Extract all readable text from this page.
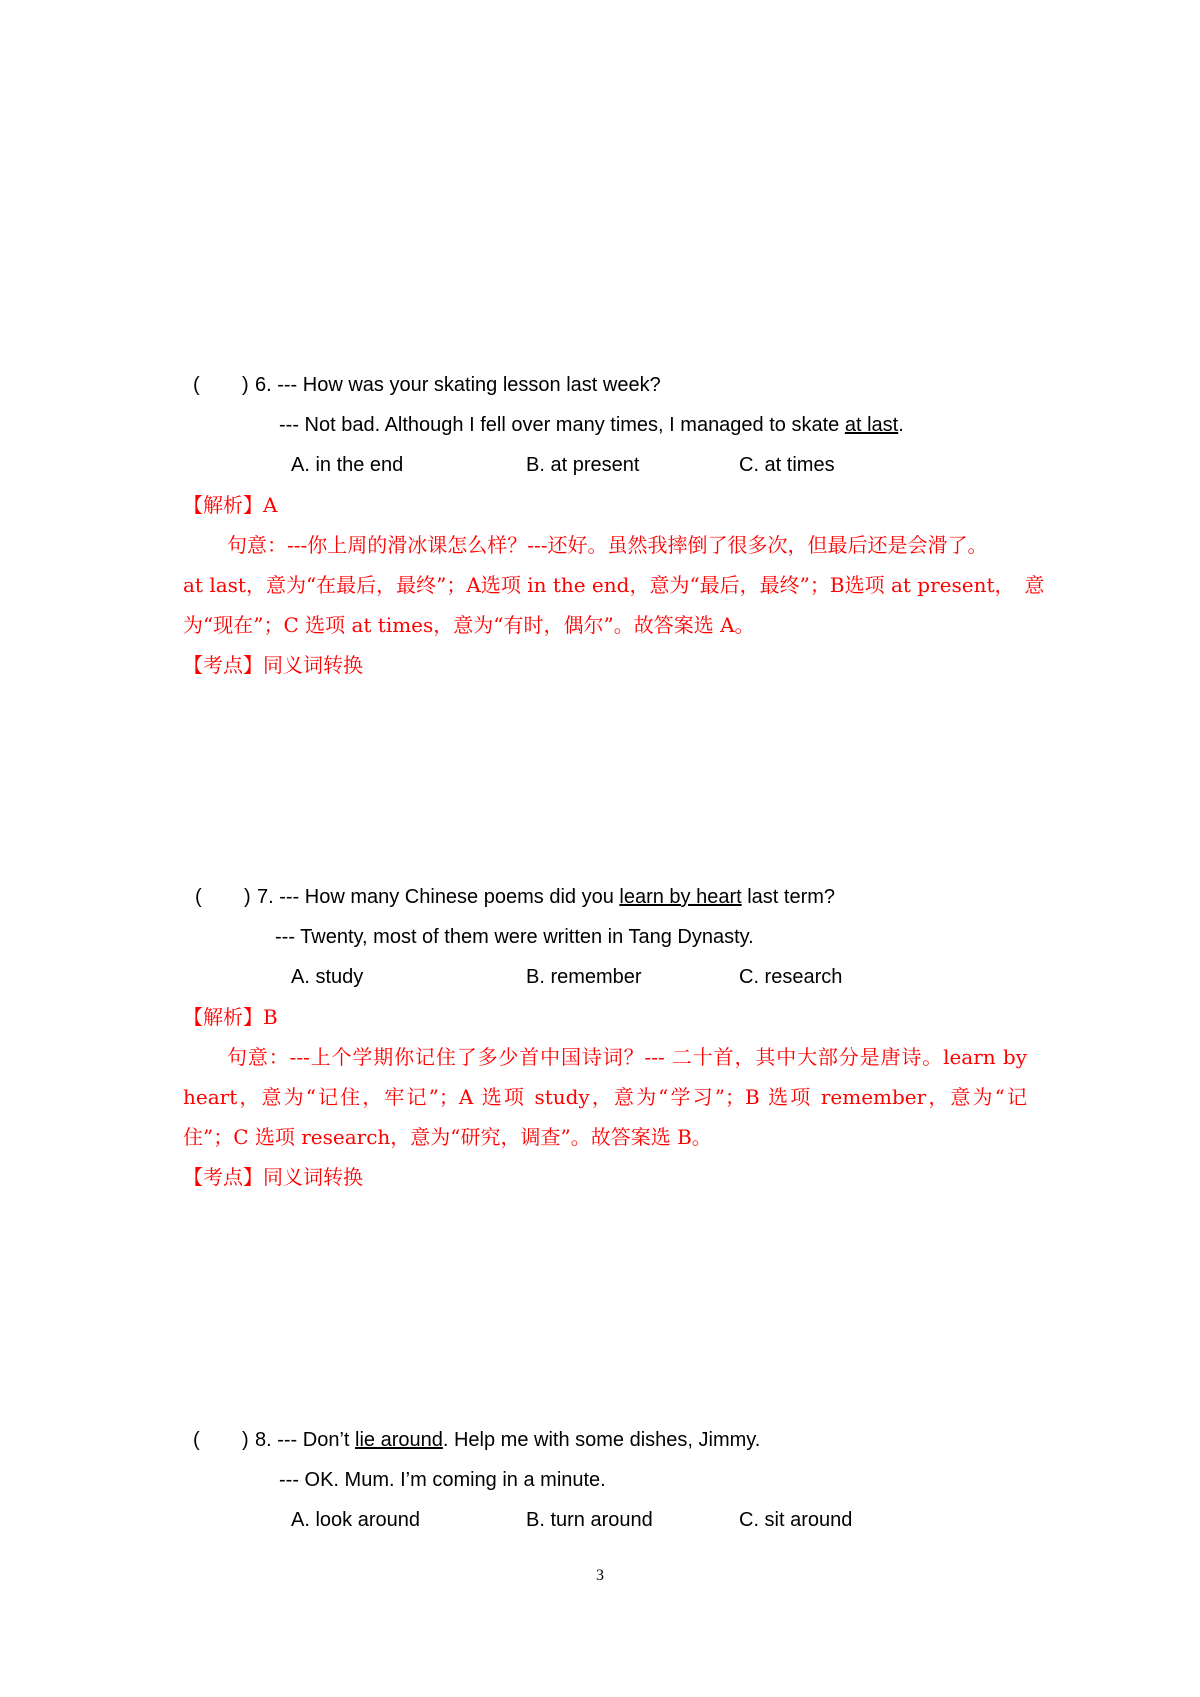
( ) 6. --- How was your skating lesson last week?
--- Not bad. Although I fell over many times, I managed to skate at last.
A. in the end	B. at present	C. at times
【解析】A
句意：---你上周的滑冰课怎么样？---还好。虽然我摔倒了很多次，但最后还是会滑了。
at last，意为“在最后，最终”；A选项 in the end，意为“最后，最终”；B选项 at present，　意
为“现在”；C 选项 at times，意为“有时，偶尔”。故答案选 A。
【考点】同义词转换
( ) 7. --- How many Chinese poems did you learn by heart last term?
--- Twenty, most of them were written in Tang Dynasty.
A. study	B. remember	C. research
【解析】B
句意：---上个学期你记住了多少首中国诗词？--- 二十首，其中大部分是唐诗。learn by
heart，意为“记住，牢记”；A 选项 study，意为“学习”；B 选项 remember，意为“记
住”；C 选项 research，意为“研究，调查”。故答案选 B。
【考点】同义词转换
( ) 8. --- Don’t lie around. Help me with some dishes, Jimmy.
--- OK. Mum. I’m coming in a minute.
A. look around	B. turn around	C. sit around
3
